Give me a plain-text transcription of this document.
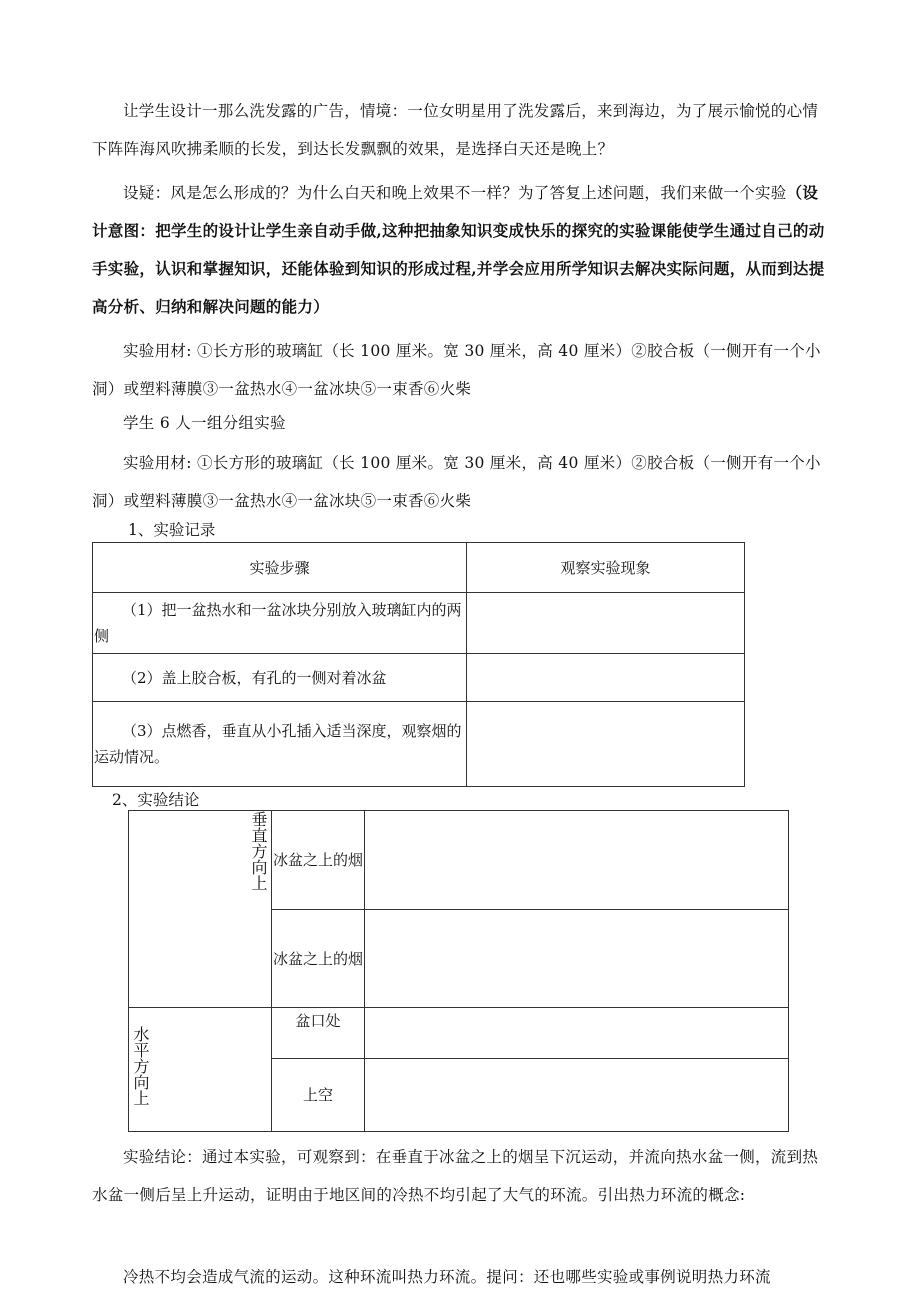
让学生设计一那么洗发露的广告，情境：一位女明星用了洗发露后，来到海边，为了展示愉悦的心情下阵阵海风吹拂柔顺的长发，到达长发飘飘的效果，是选择白天还是晚上？

设疑：风是怎么形成的？为什么白天和晚上效果不一样？为了答复上述问题，我们来做一个实验（设计意图：把学生的设计让学生亲自动手做,这种把抽象知识变成快乐的探究的实验课能使学生通过自己的动手实验，认识和掌握知识，还能体验到知识的形成过程,并学会应用所学知识去解决实际问题，从而到达提高分析、归纳和解决问题的能力）

实验用材: ①长方形的玻璃缸（长 100 厘米。宽 30 厘米，高 40 厘米）②胶合板（一侧开有一个小洞）或塑料薄膜③一盆热水④一盆冰块⑤一束香⑥火柴

学生 6 人一组分组实验

实验用材: ①长方形的玻璃缸（长 100 厘米。宽 30 厘米，高 40 厘米）②胶合板（一侧开有一个小洞）或塑料薄膜③一盆热水④一盆冰块⑤一束香⑥火柴

1、实验记录
实验步骤	观察实验现象
（1）把一盆热水和一盆冰块分别放入玻璃缸内的两侧	
（2）盖上胶合板，有孔的一侧对着冰盆	
（3）点燃香，垂直从小孔插入适当深度，观察烟的运动情况。	
2、实验结论
垂直方向上	冰盆之上的烟	
	冰盆之上的烟	
水平方向上	盆口处	
	上空	

实验结论：通过本实验，可观察到：在垂直于冰盆之上的烟呈下沉运动，并流向热水盆一侧，流到热水盆一侧后呈上升运动，证明由于地区间的冷热不均引起了大气的环流。引出热力环流的概念:

冷热不均会造成气流的运动。这种环流叫热力环流。提问：还也哪些实验或事例说明热力环流
